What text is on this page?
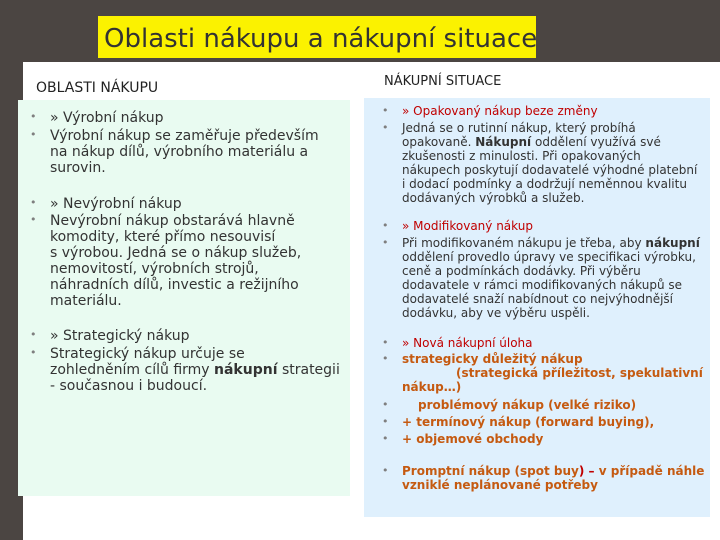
Oblasti nákupu a nákupní situace
OBLASTI NÁKUPU	NÁKUPNÍ SITUACE
• » Výrobní nákup
• Výrobní nákup se zaměřuje především
na nákup dílů, výrobního materiálu a
surovin.
• » Nevýrobní nákup
• Nevýrobní nákup obstarává hlavně
komodity, které přímo nesouvisí
s výrobou. Jedná se o nákup služeb,
nemovitostí, výrobních strojů,
náhradních dílů, investic a režijního
materiálu.
• » Strategický nákup
• Strategický nákup určuje se
zohledněním cílů firmy nákupní strategii
- současnou i budoucí.
• » Opakovaný nákup beze změny
• Jedná se o rutinní nákup, který probíhá
opakovaně. Nákupní oddělení využívá své
zkušenosti z minulosti. Při opakovaných
nákupech poskytují dodavatelé výhodné platební
i dodací podmínky a dodržují neměnnou kvalitu
dodávaných výrobků a služeb.
• » Modifikovaný nákup
• Při modifikovaném nákupu je třeba, aby nákupní
oddělení provedlo úpravy ve specifikaci výrobku,
ceně a podmínkách dodávky. Při výběru
dodavatele v rámci modifikovaných nákupů se
dodavatelé snaží nabídnout co nejvýhodnější
dodávku, aby ve výběru uspěli.
• » Nová nákupní úloha
• strategicky důležitý nákup
(strategická příležitost, spekulativní
nákup…)
• problémový nákup (velké riziko)
• + termínový nákup (forward buying),
• + objemové obchody
• Promptní nákup (spot buy) – v případě náhle
vzniklé neplánované potřeby
